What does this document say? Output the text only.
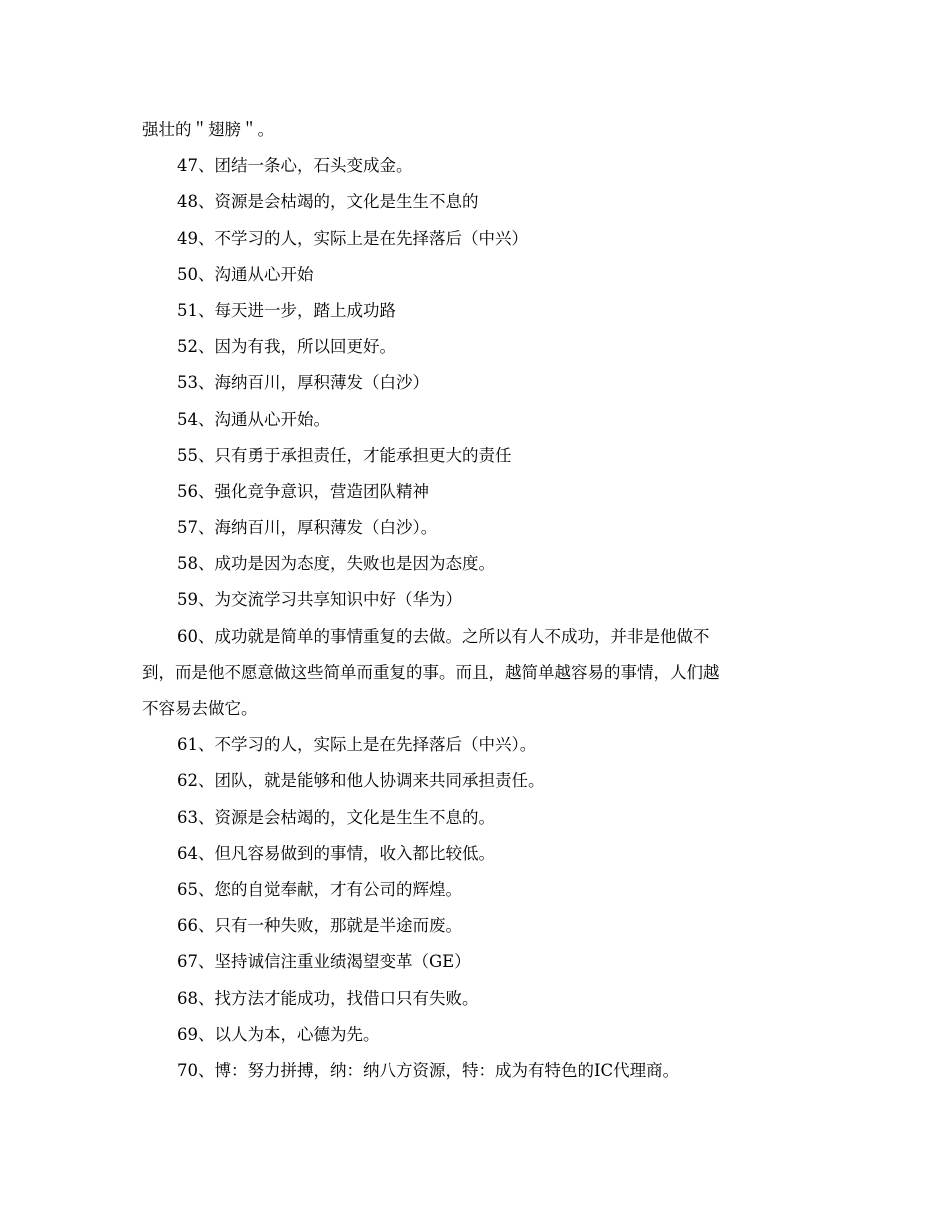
强壮的＂翅膀＂。

47、团结一条心，石头变成金。

48、资源是会枯竭的，文化是生生不息的

49、不学习的人，实际上是在先择落后（中兴）

50、沟通从心开始

51、每天进一步，踏上成功路

52、因为有我，所以回更好。

53、海纳百川，厚积薄发（白沙）

54、沟通从心开始。

55、只有勇于承担责任，才能承担更大的责任

56、强化竞争意识，营造团队精神

57、海纳百川，厚积薄发（白沙）。

58、成功是因为态度，失败也是因为态度。

59、为交流学习共享知识中好（华为）

60、成功就是简单的事情重复的去做。之所以有人不成功，并非是他做不

到，而是他不愿意做这些简单而重复的事。而且，越简单越容易的事情，人们越

不容易去做它。

61、不学习的人，实际上是在先择落后（中兴）。

62、团队，就是能够和他人协调来共同承担责任。

63、资源是会枯竭的，文化是生生不息的。

64、但凡容易做到的事情，收入都比较低。

65、您的自觉奉献，才有公司的辉煌。

66、只有一种失败，那就是半途而废。

67、坚持诚信注重业绩渴望变革（GE）

68、找方法才能成功，找借口只有失败。

69、以人为本，心德为先。

70、博：努力拼搏，纳：纳八方资源，特：成为有特色的IC代理商。
